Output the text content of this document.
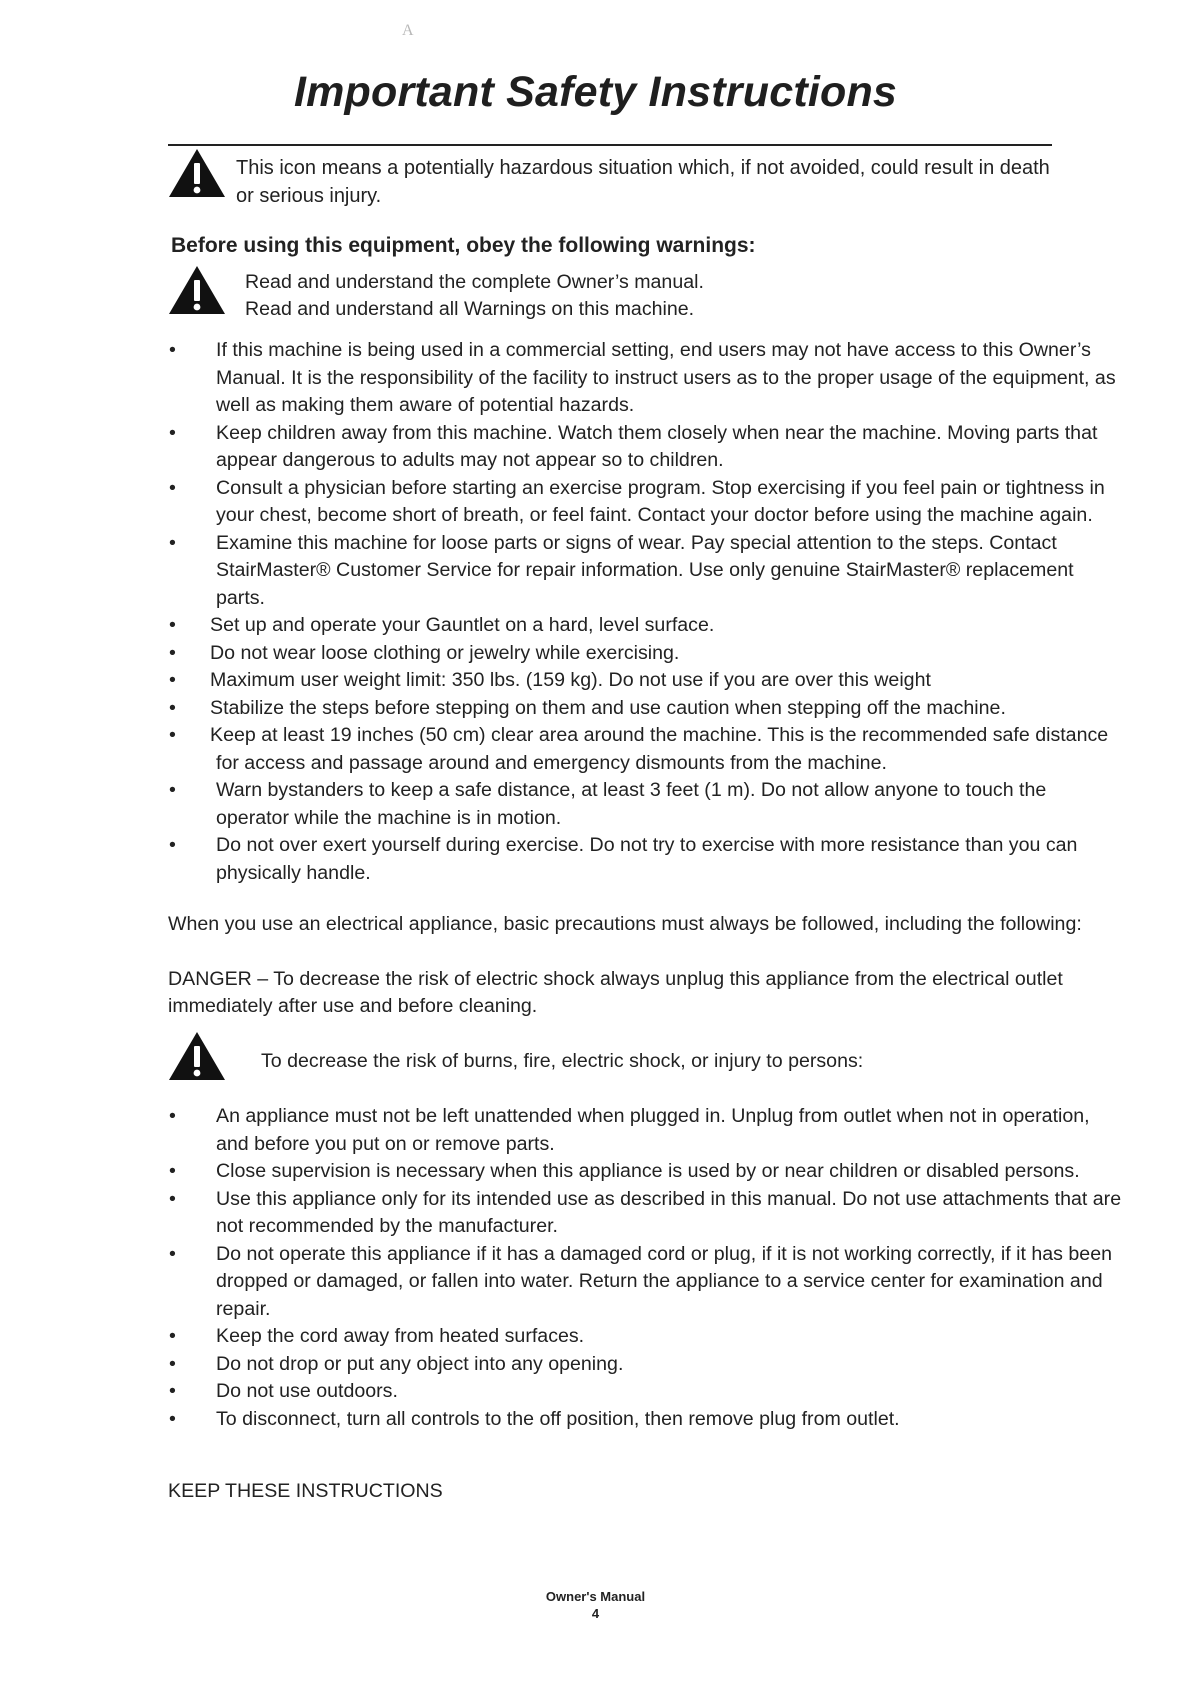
A
Important Safety Instructions
This icon means a potentially hazardous situation which, if not avoided, could result in death
or serious injury.
Before using this equipment, obey the following warnings:
Read and understand the complete Owner’s manual.
Read and understand all Warnings on this machine.
• If this machine is being used in a commercial setting, end users may not have access to this Owner’s
Manual. It is the responsibility of the facility to instruct users as to the proper usage of the equipment, as
well as making them aware of potential hazards.
• Keep children away from this machine. Watch them closely when near the machine. Moving parts that
appear dangerous to adults may not appear so to children.
• Consult a physician before starting an exercise program. Stop exercising if you feel pain or tightness in
your chest, become short of breath, or feel faint. Contact your doctor before using the machine again.
• Examine this machine for loose parts or signs of wear. Pay special attention to the steps. Contact
StairMaster® Customer Service for repair information. Use only genuine StairMaster® replacement
parts.
• Set up and operate your Gauntlet on a hard, level surface.
• Do not wear loose clothing or jewelry while exercising.
• Maximum user weight limit: 350 lbs. (159 kg). Do not use if you are over this weight
• Stabilize the steps before stepping on them and use caution when stepping off the machine.
• Keep at least 19 inches (50 cm) clear area around the machine. This is the recommended safe distance
for access and passage around and emergency dismounts from the machine.
• Warn bystanders to keep a safe distance, at least 3 feet (1 m). Do not allow anyone to touch the
operator while the machine is in motion.
• Do not over exert yourself during exercise. Do not try to exercise with more resistance than you can
physically handle.
When you use an electrical appliance, basic precautions must always be followed, including the following:
DANGER – To decrease the risk of electric shock always unplug this appliance from the electrical outlet
immediately after use and before cleaning.
To decrease the risk of burns, fire, electric shock, or injury to persons:
• An appliance must not be left unattended when plugged in. Unplug from outlet when not in operation,
and before you put on or remove parts.
• Close supervision is necessary when this appliance is used by or near children or disabled persons.
• Use this appliance only for its intended use as described in this manual. Do not use attachments that are
not recommended by the manufacturer.
• Do not operate this appliance if it has a damaged cord or plug, if it is not working correctly, if it has been
dropped or damaged, or fallen into water. Return the appliance to a service center for examination and
repair.
• Keep the cord away from heated surfaces.
• Do not drop or put any object into any opening.
• Do not use outdoors.
• To disconnect, turn all controls to the off position, then remove plug from outlet.
KEEP THESE INSTRUCTIONS
Owner's Manual
4
